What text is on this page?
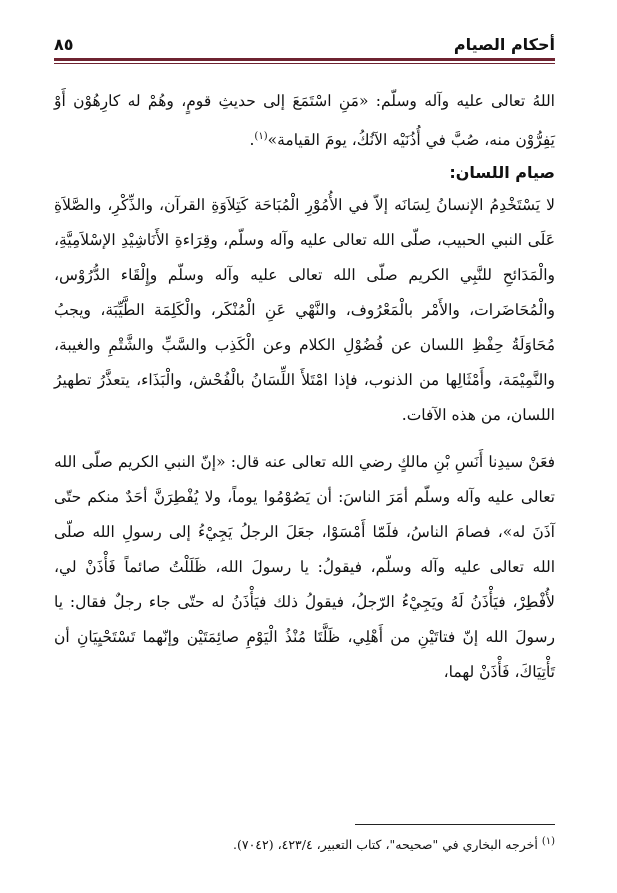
أحكام الصيام
٨٥

اللهُ تعالى عليه وآله وسلّم: «مَنِ اسْتَمَعَ إلى حديثِ قومٍ، وهُمْ له كارِهُوْن أَوْ يَفِرُّوْن منه، صُبَّ في أُذُنَيْه الآنُكُ، يومَ القيامة»$^{(١)}$.

صيام اللسان:

لا يَسْتَخْدِمُ الإنسانُ لِسَانَه إلاّ في الأُمُوْرِ الْمُبَاحَة كَتِلاَوَةِ القرآن، والذِّكْرِ، والصَّلاَةِ عَلَى النبي الحبيب، صلّى الله تعالى عليه وآله وسلّم، وقِرَاءةِ الأَنَاشِيْدِ الإسْلاَمِيَّةِ، والْمَدَائحِ للنَّبِي الكريم صلّى الله تعالى عليه وآله وسلّم وإِلْقَاء الدُّرُوْس، والْمُحَاضَرات، والأَمْر بالْمَعْرُوف، والنَّهْي عَنِ الْمُنْكَر، والْكَلِمَة الطَّيِّبَة، ويجبُ مُحَاوَلَةُ حِفْظِ اللسان عن فُضُوْلِ الكلام وعن الْكَذِب والسَّبِّ والشَّتْمِ والغيبة، والنَّمِيْمَة، وأَمْثَالِها من الذنوب، فإذا امْتَلأَ اللِّسَانُ بالْفُحْش، والْبَذَاء، يتعذَّرُ تطهيرُ اللسان، من هذه الآفات.

فعَنْ سيدِنا أَنَسِ بْنِ مالكٍ رضي الله تعالى عنه قال: «إنّ النبي الكريم صلّى الله تعالى عليه وآله وسلّم أمَرَ الناسَ: أن يَصُوْمُوا يوماً، ولا يُفْطِرَنَّ أحَدٌ منكم حتّى آذَنَ له»، فصامَ الناسُ، فلَمّا أَمْسَوْا، جعَلَ الرجلُ يَجِيْءُ إلى رسولِ الله صلّى الله تعالى عليه وآله وسلّم، فيقولُ: يا رسولَ الله، ظَلَلْتُ صائماً فَأْذَنْ لي، لأُفْطِرْ، فيَأْذَنُ لَهُ ويَجِيْءُ الرّجلُ، فيقولُ ذلك فيَأْذَنُ له حتّى جاء رجلٌ فقال: يا رسولَ الله إنّ فتاتَيْنِ من أَهْلِي، ظَلَّتَا مُنْذُ الْيَوْمِ صائِمَتَيْن وإنّهما تَسْتَحْيِيَانِ أن تَأْتِيَاكَ، فَأْذَنْ لهما،

$^{(١)}$ أخرجه البخاري في "صحيحه"، كتاب التعبير، ٤٢٣/٤، (٧٠٤٢).
